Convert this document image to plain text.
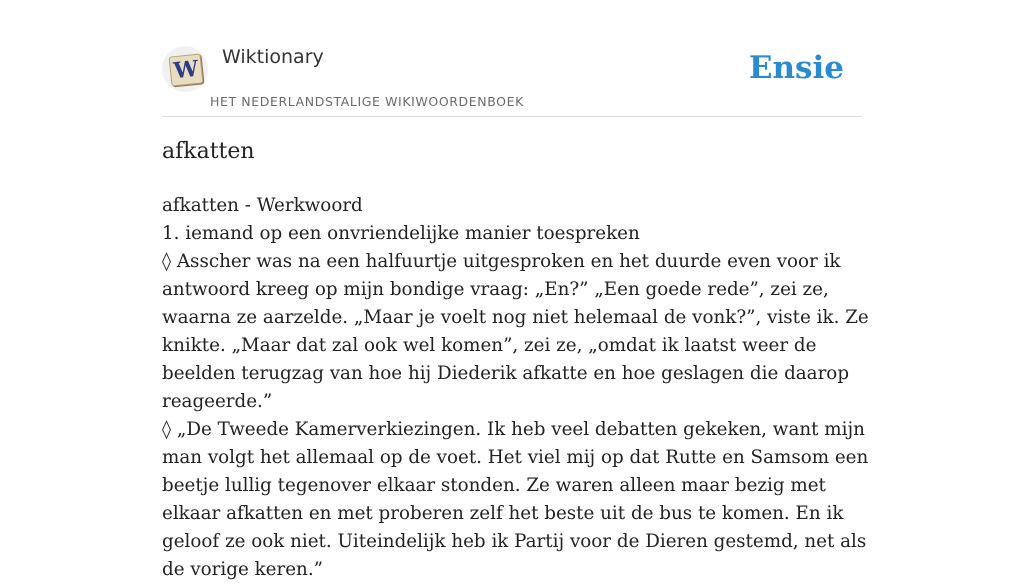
W Wiktionary
HET NEDERLANDSTALIGE WIKIWOORDENBOEK
Ensie
afkatten

afkatten - Werkwoord

1. iemand op een onvriendelijke manier toespreken

◊ Asscher was na een halfuurtje uitgesproken en het duurde even voor ik antwoord kreeg op mijn bondige vraag: „En?” „Een goede rede”, zei ze, waarna ze aarzelde. „Maar je voelt nog niet helemaal de vonk?”, viste ik. Ze knikte. „Maar dat zal ook wel komen”, zei ze, „omdat ik laatst weer de beelden terugzag van hoe hij Diederik afkatte en hoe geslagen die daarop reageerde.”

◊ „De Tweede Kamerverkiezingen. Ik heb veel debatten gekeken, want mijn man volgt het allemaal op de voet. Het viel mij op dat Rutte en Samsom een beetje lullig tegenover elkaar stonden. Ze waren alleen maar bezig met elkaar afkatten en met proberen zelf het beste uit de bus te komen. En ik geloof ze ook niet. Uiteindelijk heb ik Partij voor de Dieren gestemd, net als de vorige keren.”
